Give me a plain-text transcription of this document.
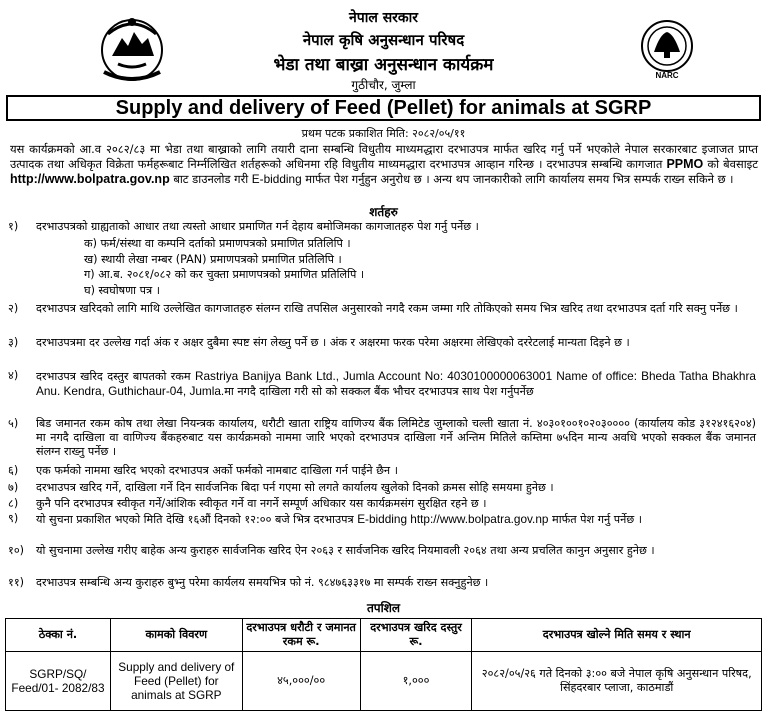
NARC
नेपाल सरकार
नेपाल कृषि अनुसन्धान परिषद
भेडा तथा बाख्रा अनुसन्धान कार्यक्रम
गुठीचौर, जुम्ला
Supply and delivery of Feed (Pellet) for animals at SGRP
प्रथम पटक प्रकाशित मिति: २०८२/०५/११
यस कार्यक्रमको आ.व २०८२/८३ मा भेडा तथा बाख्राको लागि तयारी दाना सम्बन्धि विधुतीय माध्यमद्धारा दरभाउपत्र मार्फत खरिद गर्नु पर्ने भएकोले नेपाल सरकारबाट इजाजत प्राप्त उत्पादक तथा अधिकृत विक्रेता फर्महरूबाट निर्म्नलिखित शर्तहरूको अधिनमा रहि विधुतीय माध्यमद्धारा दरभाउपत्र आव्हान गरिन्छ । दरभाउपत्र सम्बन्धि कागजात PPMO को बेवसाइट http://www.bolpatra.gov.np बाट डाउनलोड गरी E-bidding मार्फत पेश गर्नुहुन अनुरोध छ । अन्य थप जानकारीको लागि कार्यालय समय भित्र सम्पर्क राख्न सकिने छ ।
शर्तहरु
१)	दरभाउपत्रको ग्राह्यताको आधार तथा त्यस्तो आधार प्रमाणित गर्न देहाय बमोजिमका कागजातहरु पेश गर्नु पर्नेछ ।
क) फर्म/संस्था वा कम्पनि दर्ताको प्रमाणपत्रको प्रमाणित प्रतिलिपि ।
ख) स्थायी लेखा नम्बर (PAN) प्रमाणपत्रको प्रमाणित प्रतिलिपि ।
ग) आ.ब. २०८१/०८२ को कर चुक्ता प्रमाणपत्रको प्रमाणित प्रतिलिपि ।
घ) स्वघोषणा पत्र ।
२)	दरभाउपत्र खरिदको लागि माथि उल्लेखित कागजातहरु संलग्न राखि तपसिल अनुसारको नगदै रकम जम्मा गरि तोकिएको समय भित्र खरिद तथा दरभाउपत्र दर्ता गरि सक्नु पर्नेछ ।
३)	दरभाउपत्रमा दर उल्लेख गर्दा अंक र अक्षर दुबैमा स्पष्ट संग लेख्नु पर्ने छ । अंक र अक्षरमा फरक परेमा अक्षरमा लेखिएको दररेटलाई मान्यता दिइने छ ।
४)	दरभाउपत्र खरिद दस्तुर बापतको रकम Rastriya Banijya Bank Ltd., Jumla Account No: 4030100000063001 Name of office: Bheda Tatha Bhakhra Anu. Kendra, Guthichaur-04, Jumla.मा नगदै दाखिला गरी सो को सक्कल बैंक भौचर दरभाउपत्र साथ पेश गर्नुपर्नेछ
५)	बिड जमानत रकम कोष तथा लेखा नियन्त्रक कार्यालय, धरौटी खाता राष्ट्रिय वाणिज्य बैंक लिमिटेड जुम्लाको चल्ती खाता नं. ४०३०१००१०२०३०००० (कार्यालय कोड ३१२४१६२०४) मा नगदै दाखिला वा वाणिज्य बैंकहरुबाट यस कार्यक्रमको नाममा जारि भएको दरभाउपत्र दाखिला गर्ने अन्तिम मितिले कम्तिमा ७५दिन मान्य अवधि भएको सक्कल बैंक जमानत संलग्न राख्नु पर्नेछ ।
६)	एक फर्मको नाममा खरिद भएको दरभाउपत्र अर्को फर्मको नामबाट दाखिला गर्न पाईने छैन ।
७)	दरभाउपत्र खरिद गर्ने, दाखिला गर्ने दिन सार्वजनिक बिदा पर्न गएमा सो लगते कार्यालय खुलेको दिनको क्रमस सोहि समयमा हुनेछ ।
८)	कुनै पनि दरभाउपत्र स्वीकृत गर्ने/आंशिक स्वीकृत गर्ने वा नगर्ने सम्पूर्ण अधिकार यस कार्यक्रमसंग सुरक्षित रहने छ ।
९)	यो सुचना प्रकाशित भएको मिति देखि १६औं दिनको १२:०० बजे भित्र दरभाउपत्र E-bidding http://www.bolpatra.gov.np मार्फत पेश गर्नु पर्नेछ ।
१०)	यो सुचनामा उल्लेख गरीए बाहेक अन्य कुराहरु सार्वजनिक खरिद ऐन २०६३ र सार्वजनिक खरिद नियमावली २०६४ तथा अन्य प्रचलित कानुन अनुसार हुनेछ ।
११)	दरभाउपत्र सम्बन्धि अन्य कुराहरु बुभ्नु परेमा कार्यलय समयभित्र फो नं. ९८४७६३३१७ मा सम्पर्क राख्न सक्नुहुनेछ ।
तपशिल
ठेक्का नं.	कामको विवरण	दरभाउपत्र धरौटी र जमानत रकम रू.	दरभाउपत्र खरिद दस्तुर रू.	दरभाउपत्र खोल्ने मिति समय र स्थान
SGRP/SQ/ Feed/01- 2082/83	Supply and delivery of Feed (Pellet) for animals at SGRP	४५,०००/००	१,०००	२०८२/०५/२६ गते दिनको ३:०० बजे नेपाल कृषि अनुसन्धान परिषद, सिंहदरबार प्लाजा, काठमाडौं
